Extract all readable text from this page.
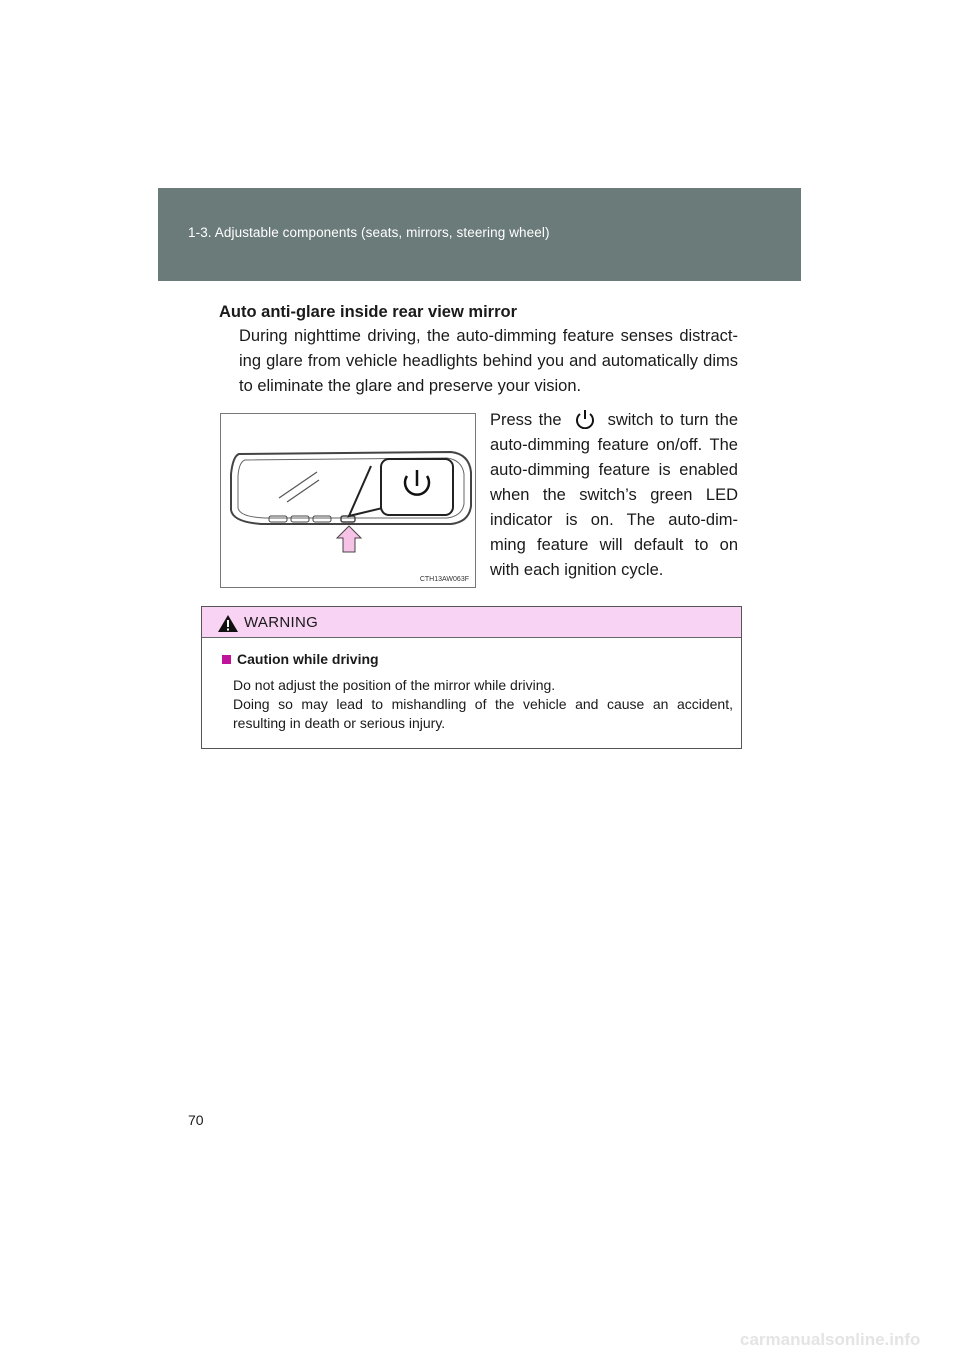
1-3. Adjustable components (seats, mirrors, steering wheel)
Auto anti-glare inside rear view mirror
During nighttime driving, the auto-dimming feature senses distract-ing glare from vehicle headlights behind you and automatically dims to eliminate the glare and preserve your vision.
CTH13AW063F
Press the	switch to turn the auto-dimming feature on/off. The auto-dimming feature is enabled when the switch’s green LED indicator is on. The auto-dim-ming feature will default to on with each ignition cycle.
WARNING
Caution while driving

Do not adjust the position of the mirror while driving.

Doing so may lead to mishandling of the vehicle and cause an accident, resulting in death or serious injury.

70
carmanualsonline.info
